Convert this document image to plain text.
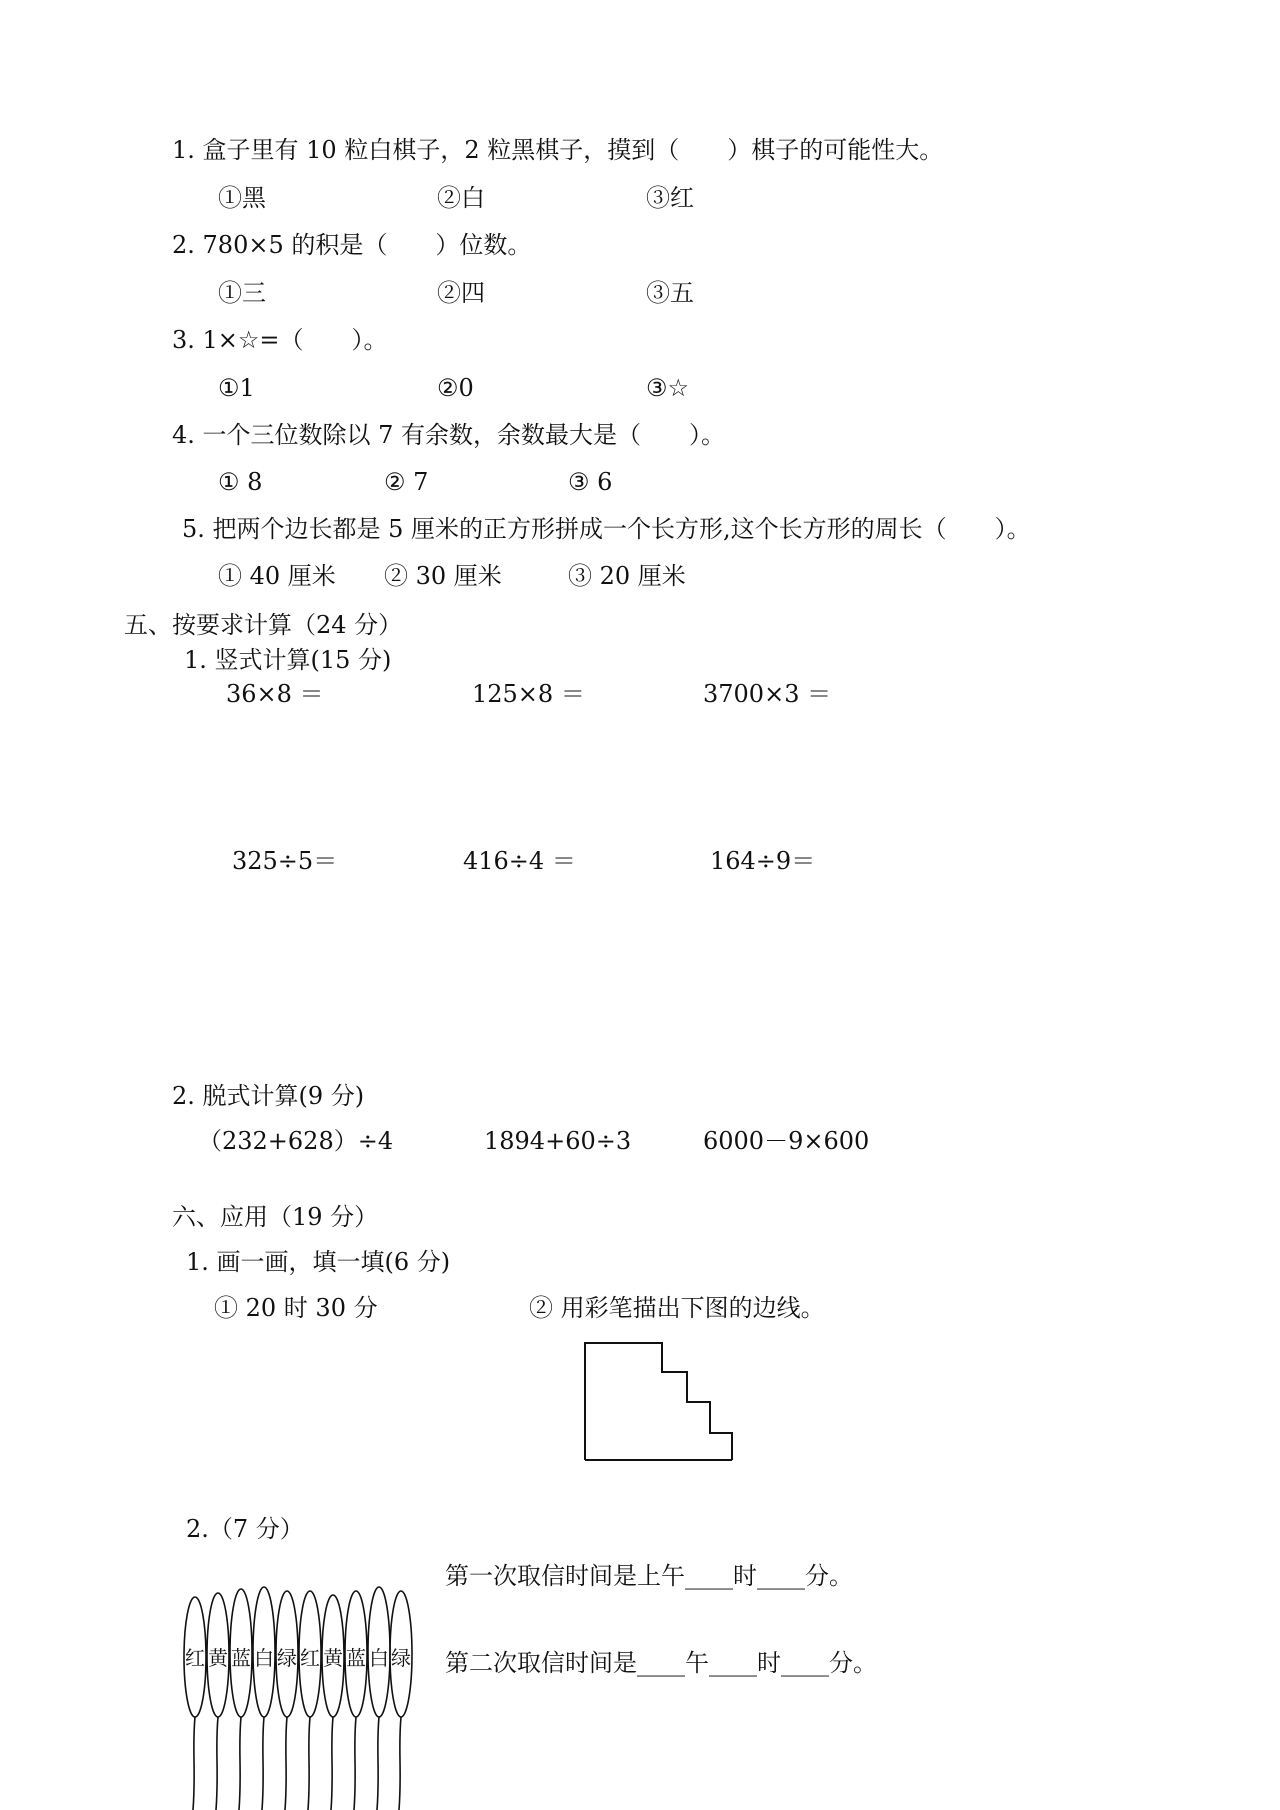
1. 盒子里有 10 粒白棋子，2 粒黑棋子，摸到（　　）棋子的可能性大。
①黑	②白	③红
2. 780×5 的积是（　　）位数。
①三	②四	③五
3. 1×☆=（　　）。
①1	②0	③☆
4. 一个三位数除以 7 有余数，余数最大是（　　）。
① 8	② 7	③ 6
5. 把两个边长都是 5 厘米的正方形拼成一个长方形,这个长方形的周长（　　）。
① 40 厘米 ② 30 厘米	③ 20 厘米
五、按要求计算（24 分）
1. 竖式计算(15 分)
36×8 ＝	125×8 ＝	3700×3 ＝
325÷5＝	416÷4 ＝	164÷9＝
2. 脱式计算(9 分)
（232+628）÷4	1894+60÷3	6000－9×600
六、应用（19 分）
1. 画一画，填一填(6 分)
① 20 时 30 分	② 用彩笔描出下图的边线。
2.（7 分）
红 黄 蓝 白 绿 红 黄 蓝 白 绿
第一次取信时间是上午____时____分。
第二次取信时间是____午____时____分。
